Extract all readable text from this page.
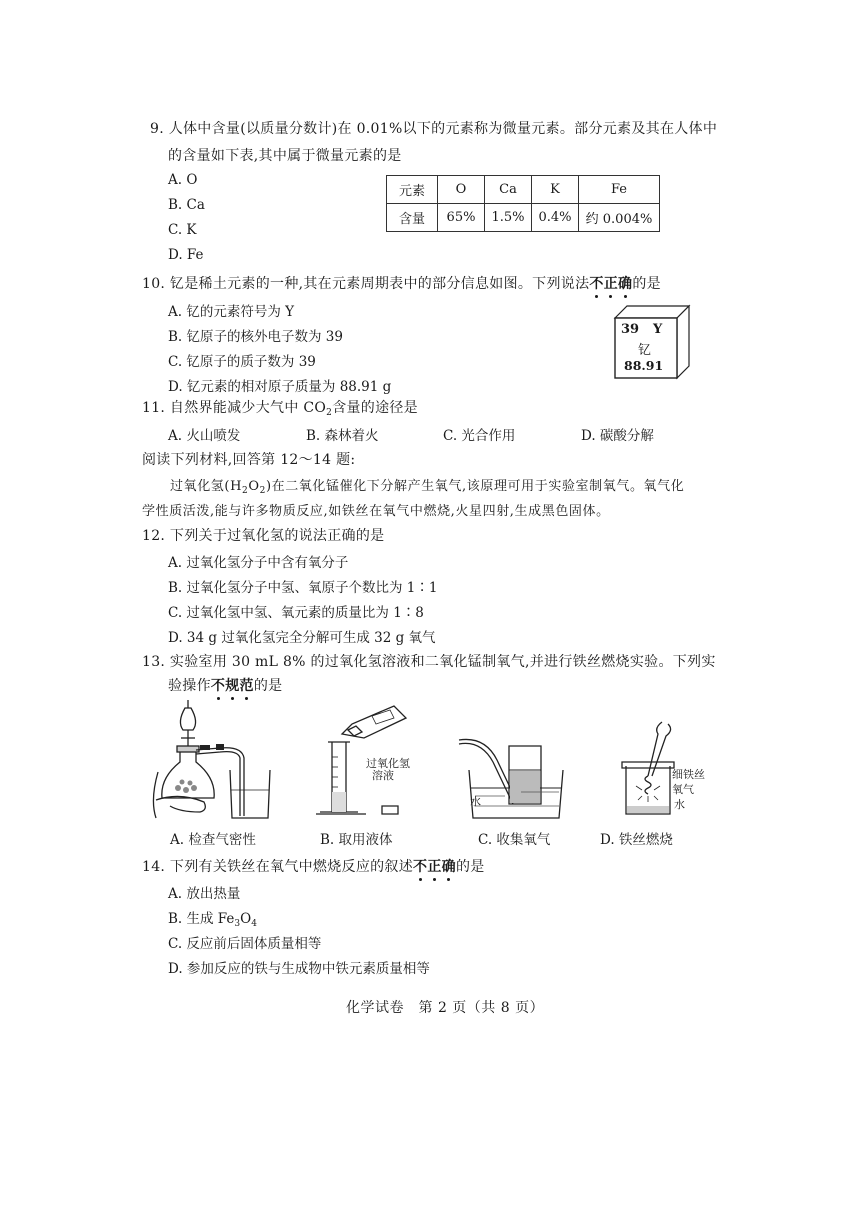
9. 人体中含量(以质量分数计)在 0.01%以下的元素称为微量元素。部分元素及其在人体中
的含量如下表,其中属于微量元素的是
A. O
B. Ca
C. K
D. Fe
元素	O	Ca	K	Fe
含量	65%	1.5%	0.4%	约 0.004%
10. 钇是稀土元素的一种,其在元素周期表中的部分信息如图。下列说法不正确的是
A. 钇的元素符号为 Y
B. 钇原子的核外电子数为 39
C. 钇原子的质子数为 39
D. 钇元素的相对原子质量为 88.91 g
39 Y
钇
88.91
11. 自然界能减少大气中 $CO_2$含量的途径是
A. 火山喷发	B. 森林着火	C. 光合作用	D. 碳酸分解
阅读下列材料,回答第 12～14 题:
过氧化氢$(H_2O_2)$在二氧化锰催化下分解产生氧气,该原理可用于实验室制氧气。氧气化
学性质活泼,能与许多物质反应,如铁丝在氧气中燃烧,火星四射,生成黑色固体。
12. 下列关于过氧化氢的说法正确的是
A. 过氧化氢分子中含有氧分子
B. 过氧化氢分子中氢、氧原子个数比为 1∶1
C. 过氧化氢中氢、氧元素的质量比为 1∶8
D. 34 g 过氧化氢完全分解可生成 32 g 氧气
13. 实验室用 30 mL 8% 的过氧化氢溶液和二氧化锰制氧气,并进行铁丝燃烧实验。下列实
验操作不规范的是
A. 检查气密性
过氧化氢
溶液
B. 取用液体
水
C. 收集氧气
细铁丝
氧气
水
D. 铁丝燃烧
14. 下列有关铁丝在氧气中燃烧反应的叙述不正确的是
A. 放出热量
B. 生成 $Fe_3O_4$
C. 反应前后固体质量相等
D. 参加反应的铁与生成物中铁元素质量相等
化学试卷　第 2 页（共 8 页）
